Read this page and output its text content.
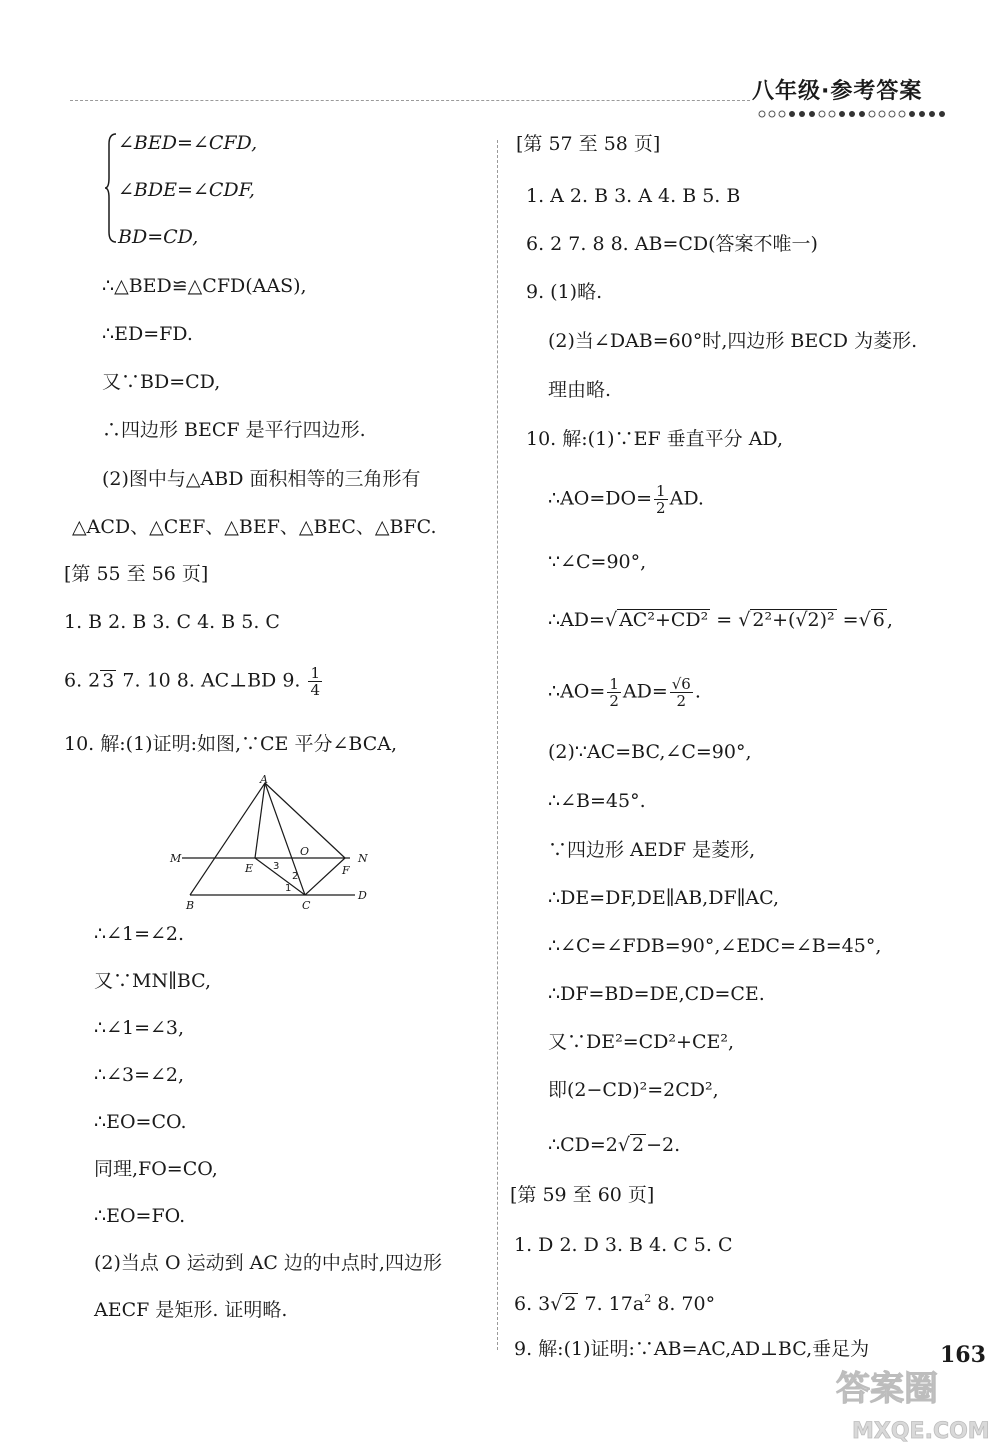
八年级·参考答案
∠BED=∠CFD,
∠BDE=∠CDF,
BD=CD,
∴△BED≌△CFD(AAS),
∴ED=FD.
又∵BD=CD,
∴四边形 BECF 是平行四边形.
(2)图中与△ABD 面积相等的三角形有
△ACD、△CEF、△BEF、△BEC、△BFC.
[第 55 至 56 页]
1. B 2. B 3. C 4. B 5. C
6. 2 3 7. 10 8. AC⊥BD 9. $\frac{1}{4}$
10. 解:(1)证明:如图,∵CE 平分∠BCA,
A
M	N
E
O
F
B	C
D
3
2
1
∴∠1=∠2.
又∵MN∥BC,
∴∠1=∠3,
∴∠3=∠2,
∴EO=CO.
同理,FO=CO,
∴EO=FO.
(2)当点 O 运动到 AC 边的中点时,四边形
AECF 是矩形. 证明略.
[第 57 至 58 页]
1. A 2. B 3. A 4. B 5. B
6. 2 7. 8 8. AB=CD(答案不唯一)
9. (1)略.
(2)当∠DAB=60°时,四边形 BECD 为菱形.
理由略.
10. 解:(1)∵EF 垂直平分 AD,
∴AO=DO= $\frac{1}{2}$ AD.
∵∠C=90°,
∴AD=√ AC²+CD² = √ 2²+(√2)² =√ 6 ,
∴AO= $\frac{1}{2} AD= \frac{√6}{2}$ .
(2)∵AC=BC,∠C=90°,
∴∠B=45°.
∵四边形 AEDF 是菱形,
∴DE=DF,DE∥AB,DF∥AC,
∴∠C=∠FDB=90°,∠EDC=∠B=45°,
∴DF=BD=DE,CD=CE.
又∵DE²=CD²+CE²,
即(2−CD)²=2CD²,
∴CD=2√ 2 −2.
[第 59 至 60 页]
1. D 2. D 3. B 4. C 5. C
6. 3√ 2 7. $17a^2$ 8. 70°
9. 解:(1)证明:∵AB=AC,AD⊥BC,垂足为	163
答案圈
MXQE.COM
